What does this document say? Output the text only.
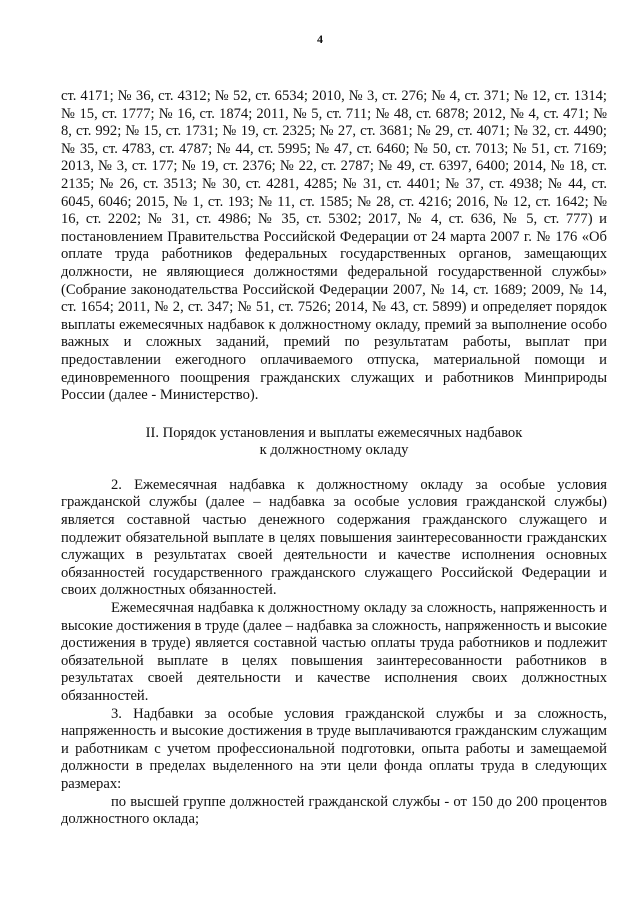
4

ст. 4171; № 36, ст. 4312; № 52, ст. 6534; 2010, № 3, ст. 276; № 4, ст. 371; № 12, ст. 1314; № 15, ст. 1777; № 16, ст. 1874; 2011, № 5, ст. 711; № 48, ст. 6878; 2012, № 4, ст. 471; № 8, ст. 992; № 15, ст. 1731; № 19, ст. 2325; № 27, ст. 3681; № 29, ст. 4071; № 32, ст. 4490; № 35, ст. 4783, ст. 4787; № 44, ст. 5995; № 47, ст. 6460; № 50, ст. 7013; № 51, ст. 7169; 2013, № 3, ст. 177; № 19, ст. 2376; № 22, ст. 2787; № 49, ст. 6397, 6400; 2014, № 18, ст. 2135; № 26, ст. 3513; № 30, ст. 4281, 4285; № 31, ст. 4401; № 37, ст. 4938; № 44, ст. 6045, 6046; 2015, № 1, ст. 193; № 11, ст. 1585; № 28, ст. 4216; 2016, № 12, ст. 1642; № 16, ст. 2202; № 31, ст. 4986; № 35, ст. 5302; 2017, № 4, ст. 636, № 5, ст. 777) и постановлением Правительства Российской Федерации от 24 марта 2007 г. № 176 «Об оплате труда работников федеральных государственных органов, замещающих должности, не являющиеся должностями федеральной государственной службы» (Собрание законодательства Российской Федерации 2007, № 14, ст. 1689; 2009, № 14, ст. 1654; 2011, № 2, ст. 347; № 51, ст. 7526; 2014, № 43, ст. 5899) и определяет порядок выплаты ежемесячных надбавок к должностному окладу, премий за выполнение особо важных и сложных заданий, премий по результатам работы, выплат при предоставлении ежегодного оплачиваемого отпуска, материальной помощи и единовременного поощрения гражданских служащих и работников Минприроды России (далее - Министерство).

II. Порядок установления и выплаты ежемесячных надбавок
к должностному окладу

2. Ежемесячная надбавка к должностному окладу за особые условия гражданской службы (далее – надбавка за особые условия гражданской службы) является составной частью денежного содержания гражданского служащего и подлежит обязательной выплате в целях повышения заинтересованности гражданских служащих в результатах своей деятельности и качестве исполнения основных обязанностей государственного гражданского служащего Российской Федерации и своих должностных обязанностей.

Ежемесячная надбавка к должностному окладу за сложность, напряженность и высокие достижения в труде (далее – надбавка за сложность, напряженность и высокие достижения в труде) является составной частью оплаты труда работников и подлежит обязательной выплате в целях повышения заинтересованности работников в результатах своей деятельности и качестве исполнения своих должностных обязанностей.

3. Надбавки за особые условия гражданской службы и за сложность, напряженность и высокие достижения в труде выплачиваются гражданским служащим и работникам с учетом профессиональной подготовки, опыта работы и замещаемой должности в пределах выделенного на эти цели фонда оплаты труда в следующих размерах:

по высшей группе должностей гражданской службы - от 150 до 200 процентов должностного оклада;
